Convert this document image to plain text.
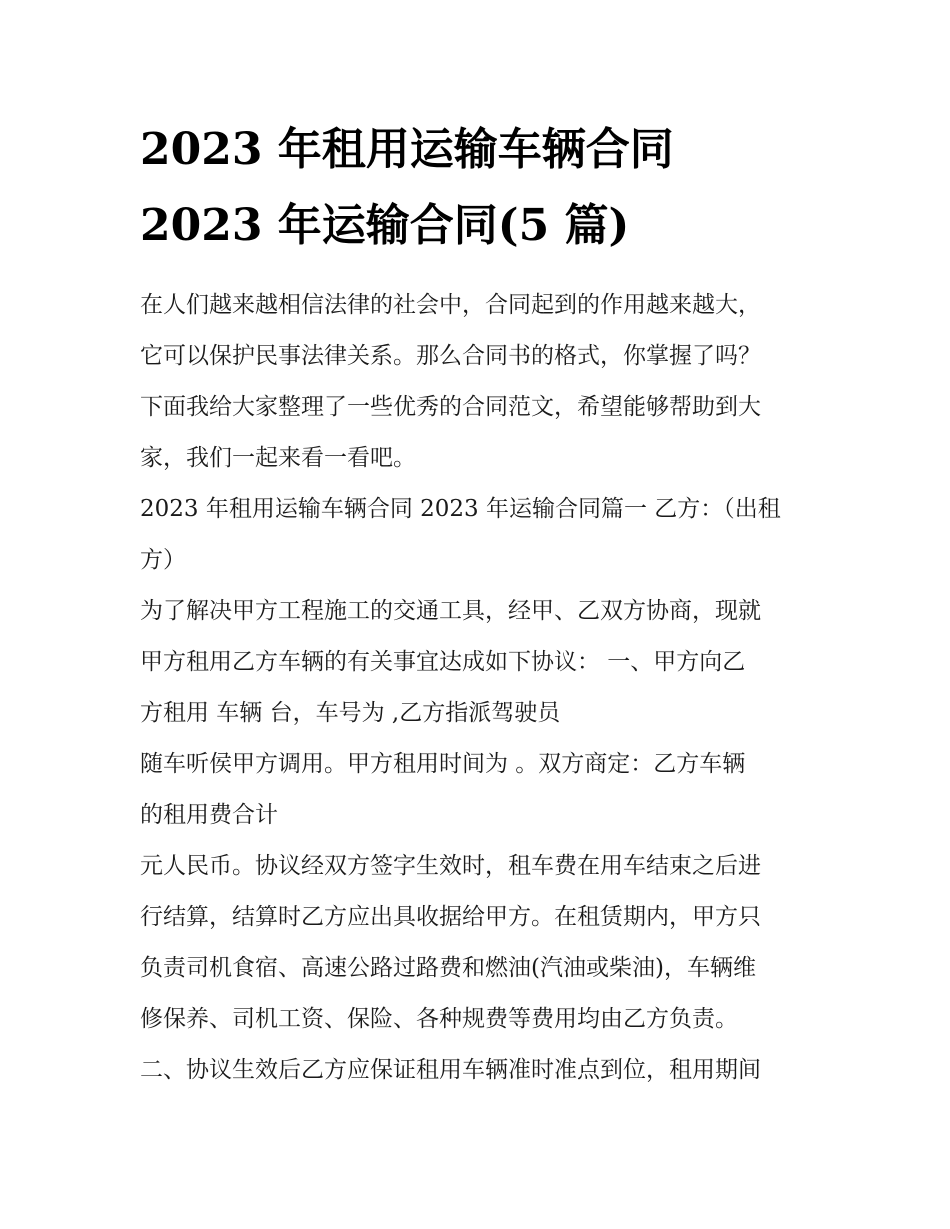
2023 年租用运输车辆合同
2023 年运输合同(5 篇)

在人们越来越相信法律的社会中，合同起到的作用越来越大，
它可以保护民事法律关系。那么合同书的格式，你掌握了吗？
下面我给大家整理了一些优秀的合同范文，希望能够帮助到大
家，我们一起来看一看吧。

2023 年租用运输车辆合同 2023 年运输合同篇一 乙方：（出租
方）

为了解决甲方工程施工的交通工具，经甲、乙双方协商，现就
甲方租用乙方车辆的有关事宜达成如下协议： 一、甲方向乙
方租用 车辆 台，车号为 ,乙方指派驾驶员

随车听侯甲方调用。甲方租用时间为 。双方商定：乙方车辆
的租用费合计

元人民币。协议经双方签字生效时，租车费在用车结束之后进
行结算，结算时乙方应出具收据给甲方。在租赁期内，甲方只
负责司机食宿、高速公路过路费和燃油(汽油或柴油)，车辆维
修保养、司机工资、保险、各种规费等费用均由乙方负责。

二、协议生效后乙方应保证租用车辆准时准点到位，租用期间
